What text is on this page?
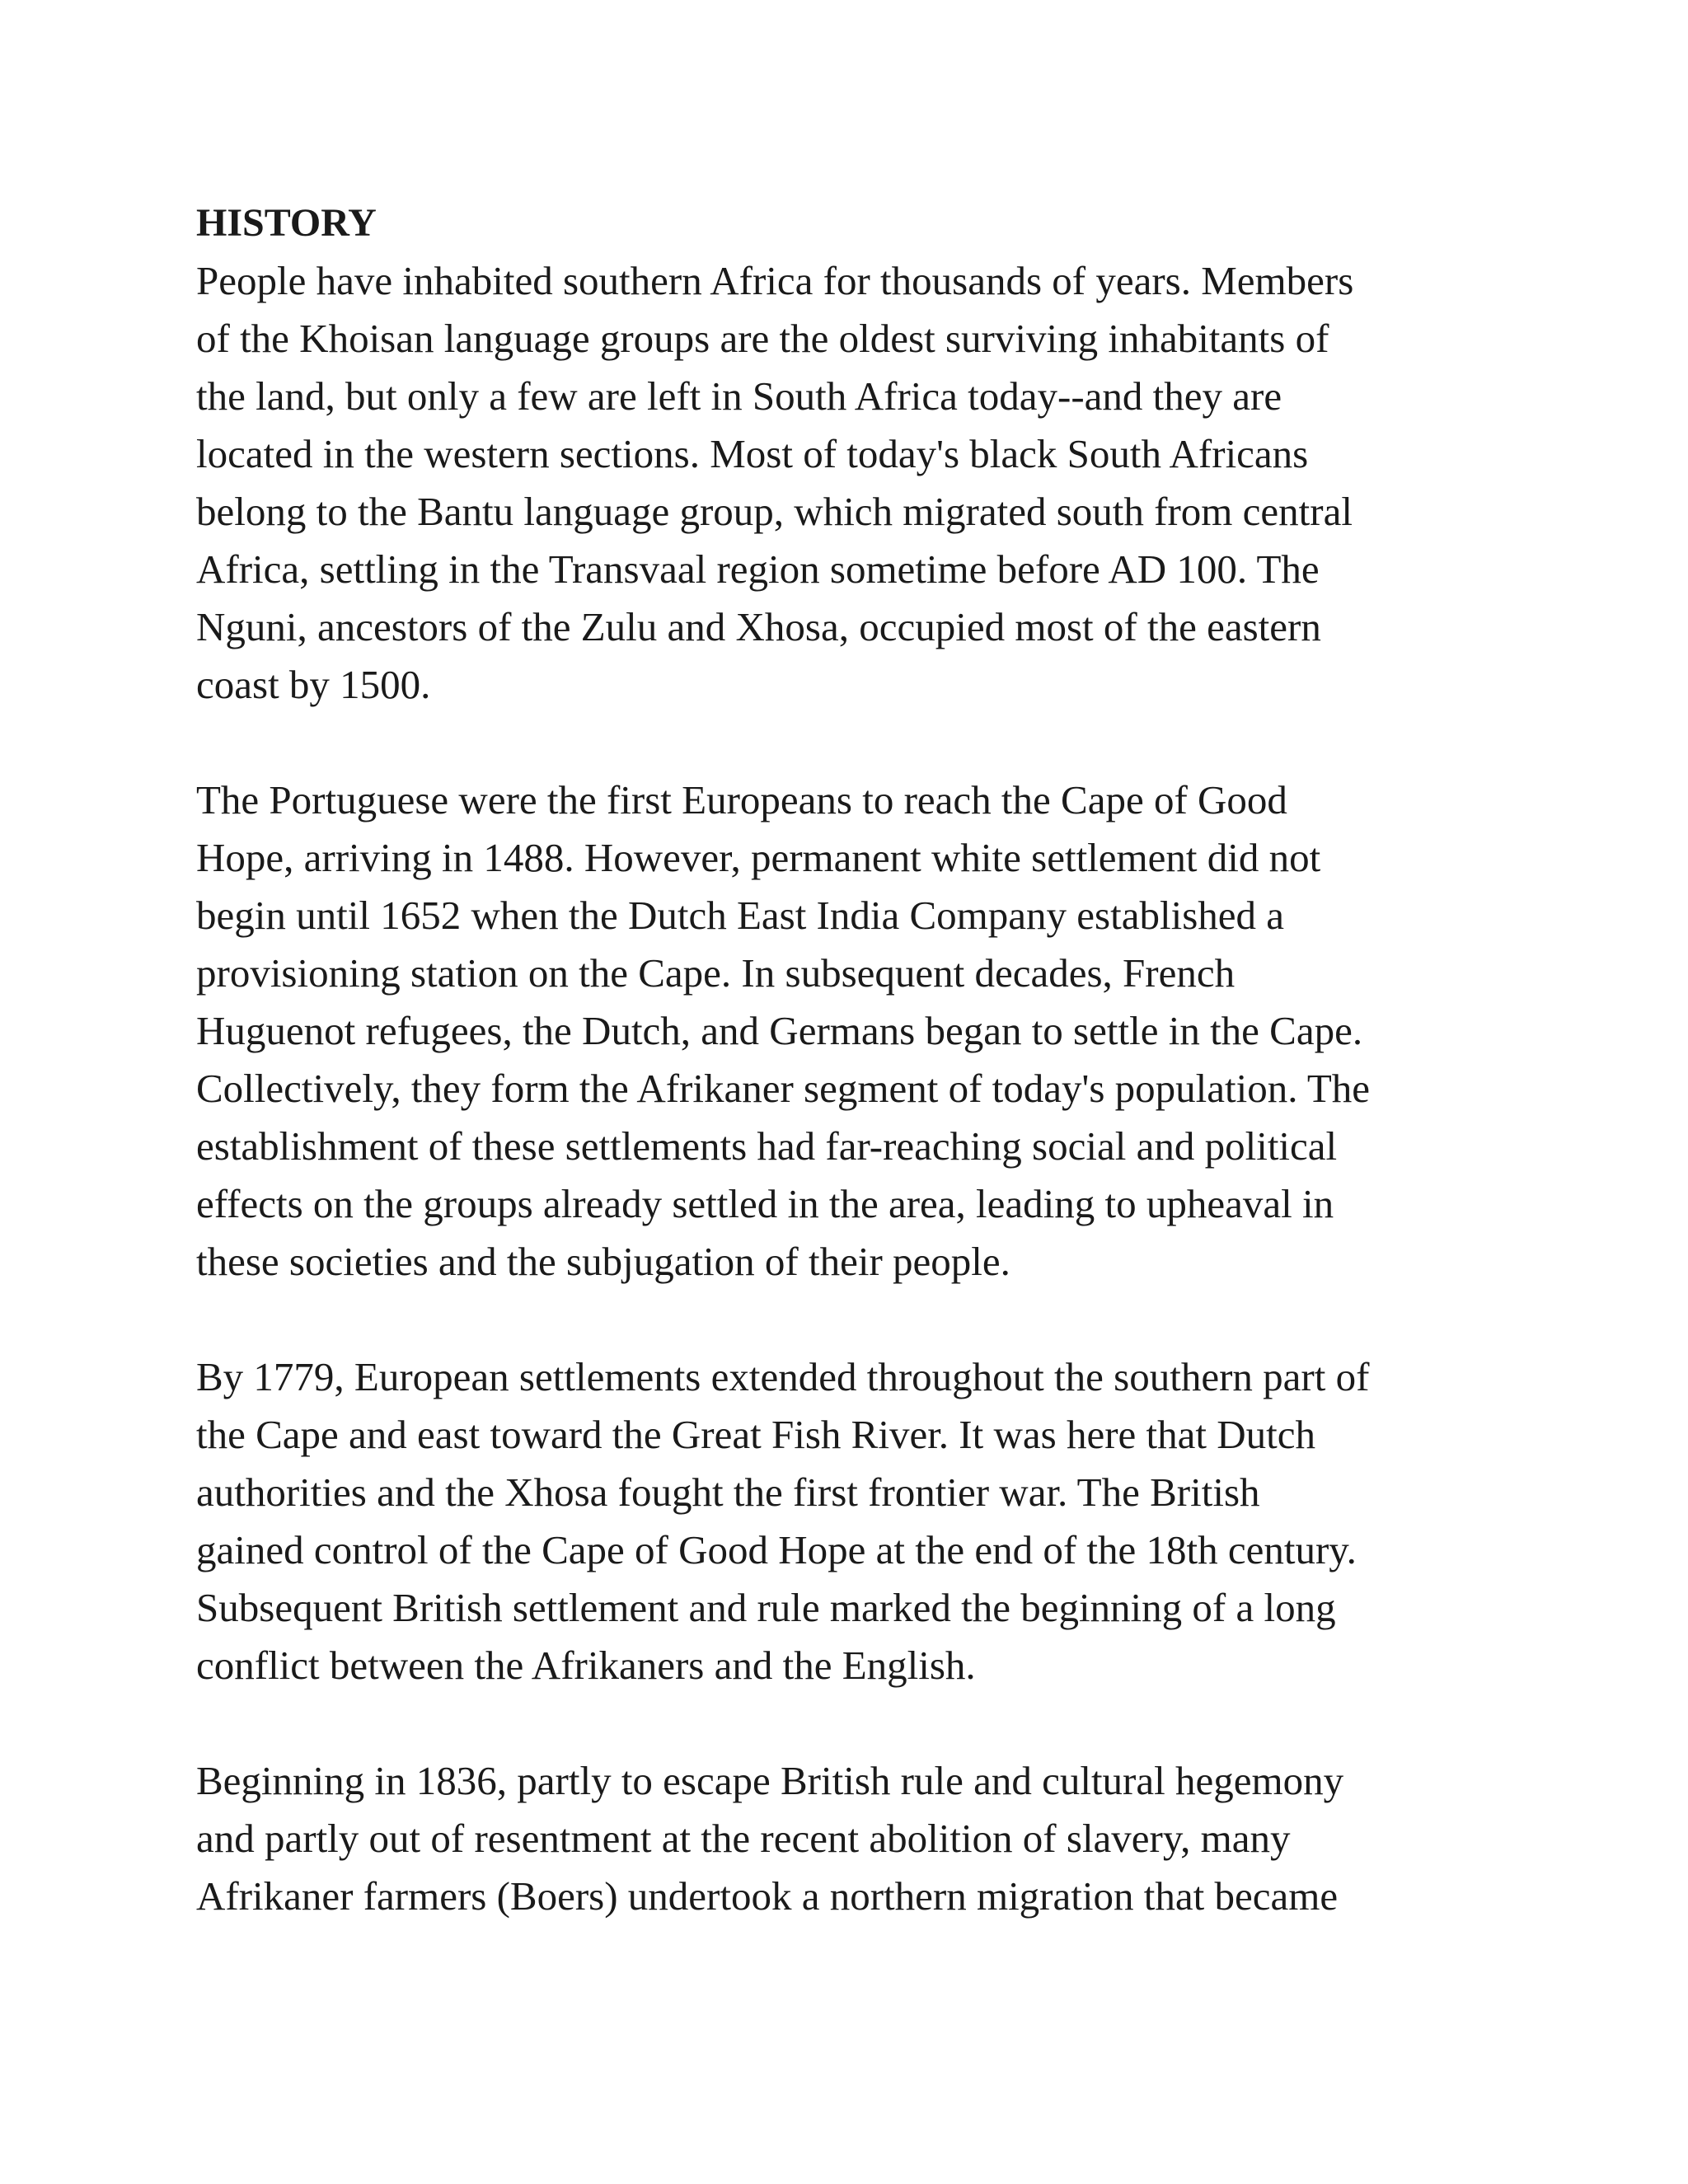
HISTORY
People have inhabited southern Africa for thousands of years. Members
of the Khoisan language groups are the oldest surviving inhabitants of
the land, but only a few are left in South Africa today--and they are
located in the western sections. Most of today's black South Africans
belong to the Bantu language group, which migrated south from central
Africa, settling in the Transvaal region sometime before AD 100. The
Nguni, ancestors of the Zulu and Xhosa, occupied most of the eastern
coast by 1500.
The Portuguese were the first Europeans to reach the Cape of Good
Hope, arriving in 1488. However, permanent white settlement did not
begin until 1652 when the Dutch East India Company established a
provisioning station on the Cape. In subsequent decades, French
Huguenot refugees, the Dutch, and Germans began to settle in the Cape.
Collectively, they form the Afrikaner segment of today's population. The
establishment of these settlements had far-reaching social and political
effects on the groups already settled in the area, leading to upheaval in
these societies and the subjugation of their people.
By 1779, European settlements extended throughout the southern part of
the Cape and east toward the Great Fish River. It was here that Dutch
authorities and the Xhosa fought the first frontier war. The British
gained control of the Cape of Good Hope at the end of the 18th century.
Subsequent British settlement and rule marked the beginning of a long
conflict between the Afrikaners and the English.
Beginning in 1836, partly to escape British rule and cultural hegemony
and partly out of resentment at the recent abolition of slavery, many
Afrikaner farmers (Boers) undertook a northern migration that became
